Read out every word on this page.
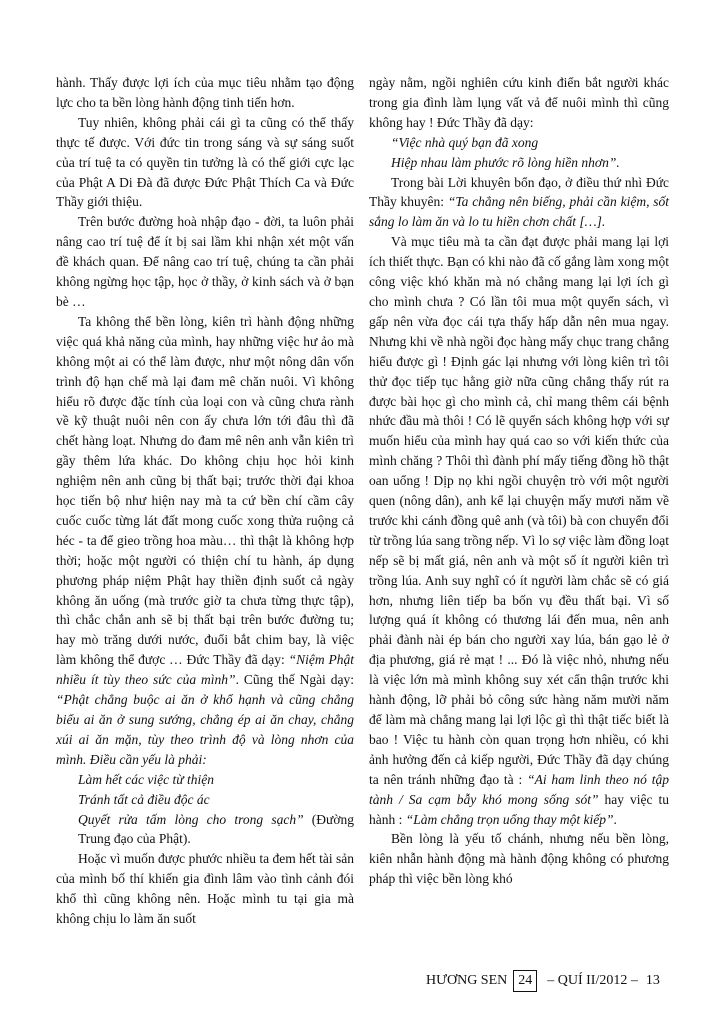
hành. Thấy được lợi ích của mục tiêu nhằm tạo động lực cho ta bền lòng hành động tinh tiến hơn.

Tuy nhiên, không phải cái gì ta cũng có thể thấy thực tế được. Với đức tin trong sáng và sự sáng suốt của trí tuệ ta có quyền tin tưởng là có thế giới cực lạc của Phật A Di Đà đã được Đức Phật Thích Ca và Đức Thầy giới thiệu.

Trên bước đường hoà nhập đạo - đời, ta luôn phải nâng cao trí tuệ để ít bị sai lầm khi nhận xét một vấn đề khách quan. Để nâng cao trí tuệ, chúng ta cần phải không ngừng học tập, học ở thầy, ở kinh sách và ở bạn bè …

Ta không thể bền lòng, kiên trì hành động những việc quá khả năng của mình, hay những việc hư ảo mà không một ai có thể làm được, như một nông dân vốn trình độ hạn chế mà lại đam mê chăn nuôi. Vì không hiểu rõ được đặc tính của loại con và cũng chưa rành về kỹ thuật nuôi nên con ấy chưa lớn tới đâu thì đã chết hàng loạt. Nhưng do đam mê nên anh vẫn kiên trì gầy thêm lứa khác. Do không chịu học hỏi kinh nghiệm nên anh cũng bị thất bại; trước thời đại khoa học tiến bộ như hiện nay mà ta cứ bền chí cầm cây cuốc cuốc từng lát đất mong cuốc xong thửa ruộng cả héc - ta để gieo trồng hoa màu… thì thật là không hợp thời; hoặc một người có thiện chí tu hành, áp dụng phương pháp niệm Phật hay thiền định suốt cả ngày không ăn uống (mà trước giờ ta chưa từng thực tập), thì chắc chắn anh sẽ bị thất bại trên bước đường tu; hay mò trăng dưới nước, đuổi bắt chim bay, là việc làm không thể được … Đức Thầy đã dạy: “Niệm Phật nhiều ít tùy theo sức của mình”. Cũng thế Ngài dạy: “Phật chẳng buộc ai ăn ở khổ hạnh và cũng chẳng biểu ai ăn ở sung sướng, chẳng ép ai ăn chay, chẳng xúi ai ăn mặn, tùy theo trình độ và lòng nhơn của mình. Điều cần yếu là phải:

Làm hết các việc từ thiện

Tránh tất cả điều độc ác

Quyết rửa tấm lòng cho trong sạch” (Đường Trung đạo của Phật).

Hoặc vì muốn được phước nhiều ta đem hết tài sản của mình bố thí khiến gia đình lâm vào tình cảnh đói khổ thì cũng không nên. Hoặc mình tu tại gia mà không chịu lo làm ăn suốt

ngày nằm, ngồi nghiên cứu kinh điển bắt người khác trong gia đình làm lụng vất vả để nuôi mình thì cũng không hay ! Đức Thầy đã dạy:

“Việc nhà quý bạn đã xong

Hiệp nhau làm phước rõ lòng hiền nhơn”.

Trong bài Lời khuyên bổn đạo, ở điều thứ nhì Đức Thầy khuyên: “Ta chẳng nên biếng, phải cần kiệm, sốt sắng lo làm ăn và lo tu hiền chơn chất […].

Và mục tiêu mà ta cần đạt được phải mang lại lợi ích thiết thực. Bạn có khi nào đã cố gắng làm xong một công việc khó khăn mà nó chẳng mang lại lợi ích gì cho mình chưa ? Có lần tôi mua một quyển sách, vì gấp nên vừa đọc cái tựa thấy hấp dẫn nên mua ngay. Nhưng khi về nhà ngồi đọc hàng mấy chục trang chẳng hiểu được gì ! Định gác lại nhưng với lòng kiên trì tôi thử đọc tiếp tục hằng giờ nữa cũng chẳng thấy rút ra được bài học gì cho mình cả, chỉ mang thêm cái bệnh nhức đầu mà thôi ! Có lẽ quyển sách không hợp với sự muốn hiểu của mình hay quá cao so với kiến thức của mình chăng ? Thôi thì đành phí mấy tiếng đồng hồ thật oan uổng ! Dịp nọ khi ngồi chuyện trò với một người quen (nông dân), anh kể lại chuyện mấy mươi năm về trước khi cánh đồng quê anh (và tôi) bà con chuyển đổi từ trồng lúa sang trồng nếp. Vì lo sợ việc làm đồng loạt nếp sẽ bị mất giá, nên anh và một số ít người kiên trì trồng lúa. Anh suy nghĩ có ít người làm chắc sẽ có giá hơn, nhưng liên tiếp ba bốn vụ đều thất bại. Vì số lượng quá ít không có thương lái đến mua, nên anh phải đành nài ép bán cho người xay lúa, bán gạo lẻ ở địa phương, giá rẻ mạt ! ... Đó là việc nhỏ, nhưng nếu là việc lớn mà mình không suy xét cẩn thận trước khi hành động, lỡ phải bỏ công sức hàng năm mười năm để làm mà chẳng mang lại lợi lộc gì thì thật tiếc biết là bao ! Việc tu hành còn quan trọng hơn nhiều, có khi ảnh hưởng đến cả kiếp người, Đức Thầy đã dạy chúng ta nên tránh những đạo tà : “Ai ham linh theo nó tập tành / Sa cạm bẫy khó mong sống sót” hay việc tu hành : “Làm chẳng trọn uổng thay một kiếp”.

Bền lòng là yếu tố chánh, nhưng nếu bền lòng, kiên nhẫn hành động mà hành động không có phương pháp thì việc bền lòng khó

HƯƠNG SEN 24	– QUÍ II/2012 – 13
